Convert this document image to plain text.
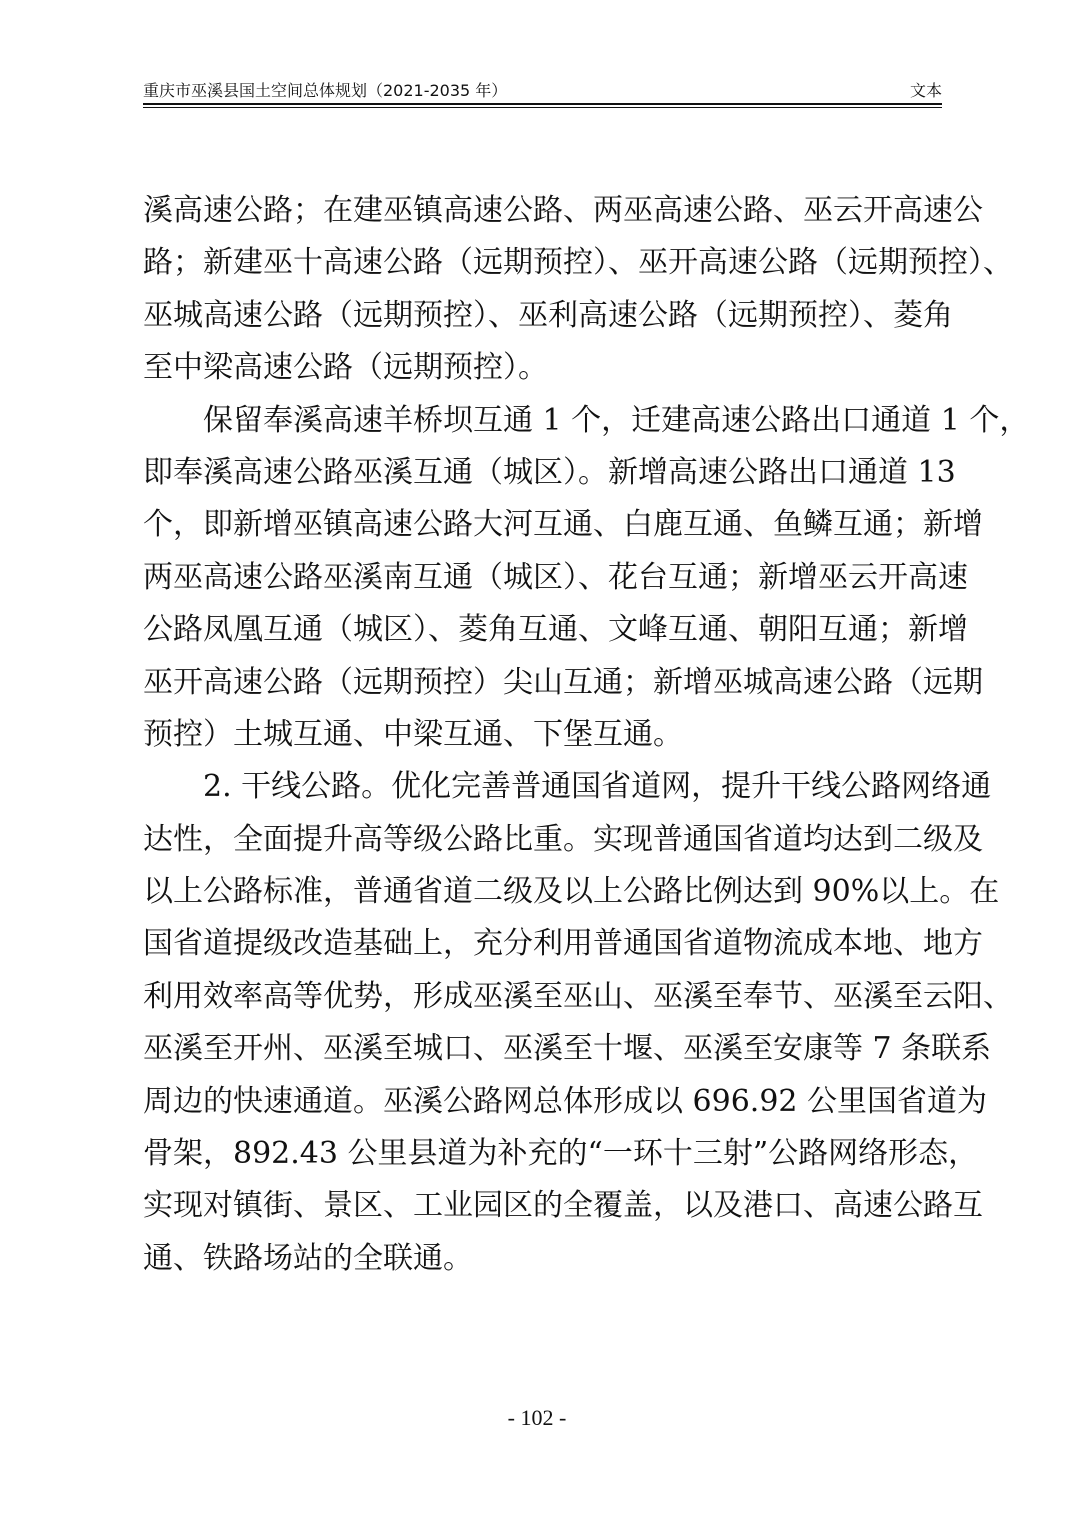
重庆市巫溪县国土空间总体规划（2021-2035 年）	文本
溪高速公路；在建巫镇高速公路、两巫高速公路、巫云开高速公
路；新建巫十高速公路（远期预控）、巫开高速公路（远期预控）、
巫城高速公路（远期预控）、巫利高速公路（远期预控）、菱角
至中梁高速公路（远期预控）。
　　保留奉溪高速羊桥坝互通 1 个，迁建高速公路出口通道 1 个，
即奉溪高速公路巫溪互通（城区）。新增高速公路出口通道 13
个，即新增巫镇高速公路大河互通、白鹿互通、鱼鳞互通；新增
两巫高速公路巫溪南互通（城区）、花台互通；新增巫云开高速
公路凤凰互通（城区）、菱角互通、文峰互通、朝阳互通；新增
巫开高速公路（远期预控）尖山互通；新增巫城高速公路（远期
预控）土城互通、中梁互通、下堡互通。
　　2. 干线公路。优化完善普通国省道网，提升干线公路网络通
达性，全面提升高等级公路比重。实现普通国省道均达到二级及
以上公路标准，普通省道二级及以上公路比例达到 90%以上。在
国省道提级改造基础上，充分利用普通国省道物流成本地、地方
利用效率高等优势，形成巫溪至巫山、巫溪至奉节、巫溪至云阳、
巫溪至开州、巫溪至城口、巫溪至十堰、巫溪至安康等 7 条联系
周边的快速通道。巫溪公路网总体形成以 696.92 公里国省道为
骨架，892.43 公里县道为补充的“一环十三射”公路网络形态，
实现对镇街、景区、工业园区的全覆盖，以及港口、高速公路互
通、铁路场站的全联通。
- 102 -
